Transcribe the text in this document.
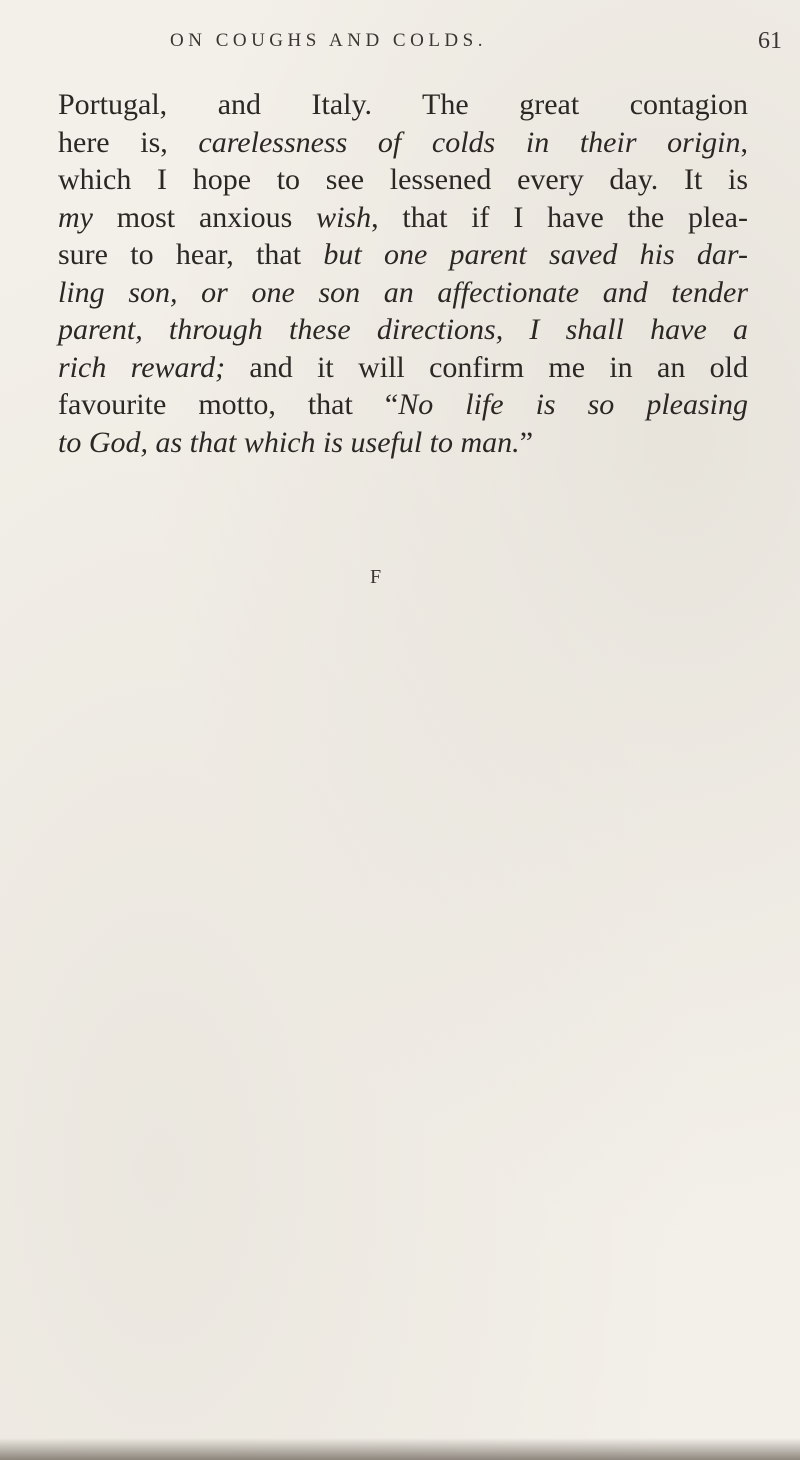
ON COUGHS AND COLDS.	61
Portugal, and Italy. The great contagion
here is, carelessness of colds in their origin,
which I hope to see lessened every day. It is
my most anxious wish, that if I have the plea-
sure to hear, that but one parent saved his dar-
ling son, or one son an affectionate and tender
parent, through these directions, I shall have a
rich reward; and it will confirm me in an old
favourite motto, that “No life is so pleasing
to God, as that which is useful to man.”
F
